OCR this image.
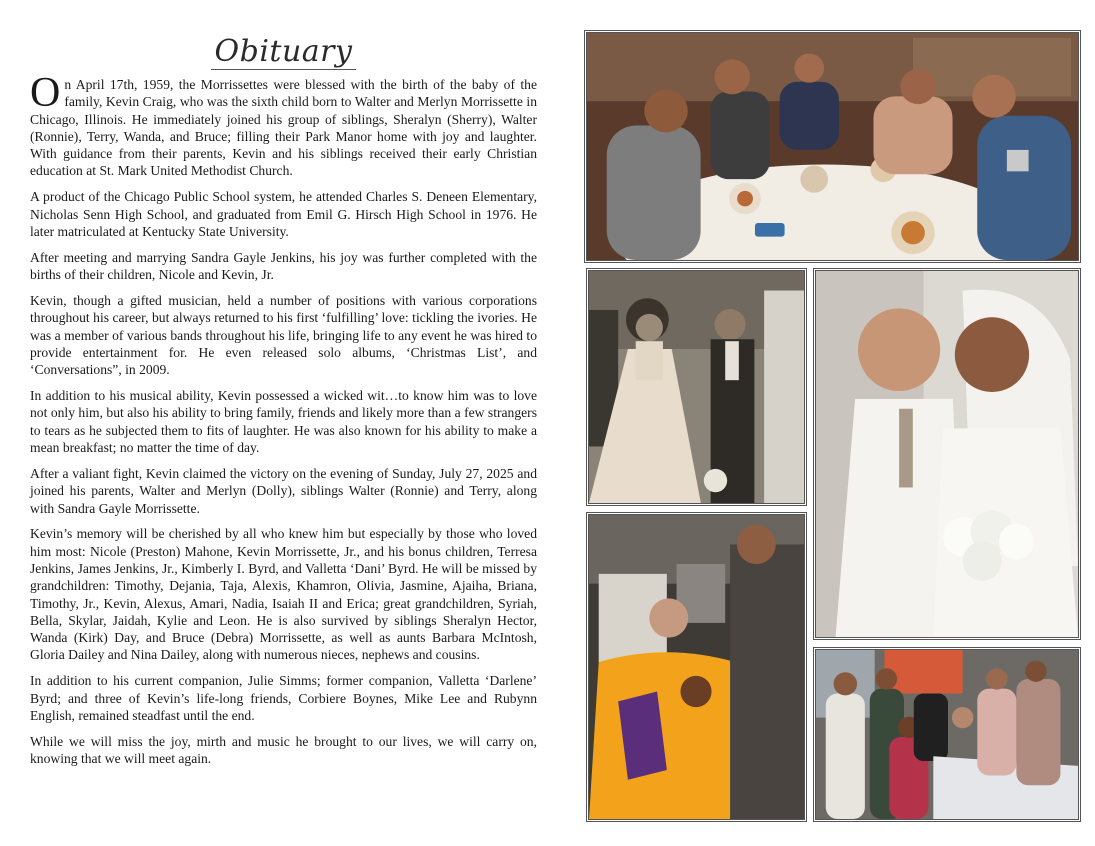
Obituary

On April 17th, 1959, the Morrissettes were blessed with the birth of the baby of the family, Kevin Craig, who was the sixth child born to Walter and Merlyn Morrissette in Chicago, Illinois. He immediately joined his group of siblings, Sheralyn (Sherry), Walter (Ronnie), Terry, Wanda, and Bruce; filling their Park Manor home with joy and laughter. With guidance from their parents, Kevin and his siblings received their early Christian education at St. Mark United Methodist Church.

A product of the Chicago Public School system, he attended Charles S. Deneen Elementary, Nicholas Senn High School, and graduated from Emil G. Hirsch High School in 1976. He later matriculated at Kentucky State University.

After meeting and marrying Sandra Gayle Jenkins, his joy was further completed with the births of their children, Nicole and Kevin, Jr.

Kevin, though a gifted musician, held a number of positions with various corporations throughout his career, but always returned to his first ‘fulfilling’ love: tickling the ivories. He was a member of various bands throughout his life, bringing life to any event he was hired to provide entertainment for. He even released solo albums, ‘Christmas List’, and ‘Conversations”, in 2009.

In addition to his musical ability, Kevin possessed a wicked wit…to know him was to love not only him, but also his ability to bring family, friends and likely more than a few strangers to tears as he subjected them to fits of laughter. He was also known for his ability to make a mean breakfast; no matter the time of day.

After a valiant fight, Kevin claimed the victory on the evening of Sunday, July 27, 2025 and joined his parents, Walter and Merlyn (Dolly), siblings Walter (Ronnie) and Terry, along with Sandra Gayle Morrissette.

Kevin’s memory will be cherished by all who knew him but especially by those who loved him most: Nicole (Preston) Mahone, Kevin Morrissette, Jr., and his bonus children, Terresa Jenkins, James Jenkins, Jr., Kimberly I. Byrd, and Valletta ‘Dani’ Byrd. He will be missed by grandchildren: Timothy, Dejania, Taja, Alexis, Khamron, Olivia, Jasmine, Ajaiha, Briana, Timothy, Jr., Kevin, Alexus, Amari, Nadia, Isaiah II and Erica; great grandchildren, Syriah, Bella, Skylar, Jaidah, Kylie and Leon. He is also survived by siblings Sheralyn Hector, Wanda (Kirk) Day, and Bruce (Debra) Morrissette, as well as aunts Barbara McIntosh, Gloria Dailey and Nina Dailey, along with numerous nieces, nephews and cousins.

In addition to his current companion, Julie Simms; former companion, Valletta ‘Darlene’ Byrd; and three of Kevin’s life-long friends, Corbiere Boynes, Mike Lee and Rubynn English, remained steadfast until the end.

While we will miss the joy, mirth and music he brought to our lives, we will carry on, knowing that we will meet again.
